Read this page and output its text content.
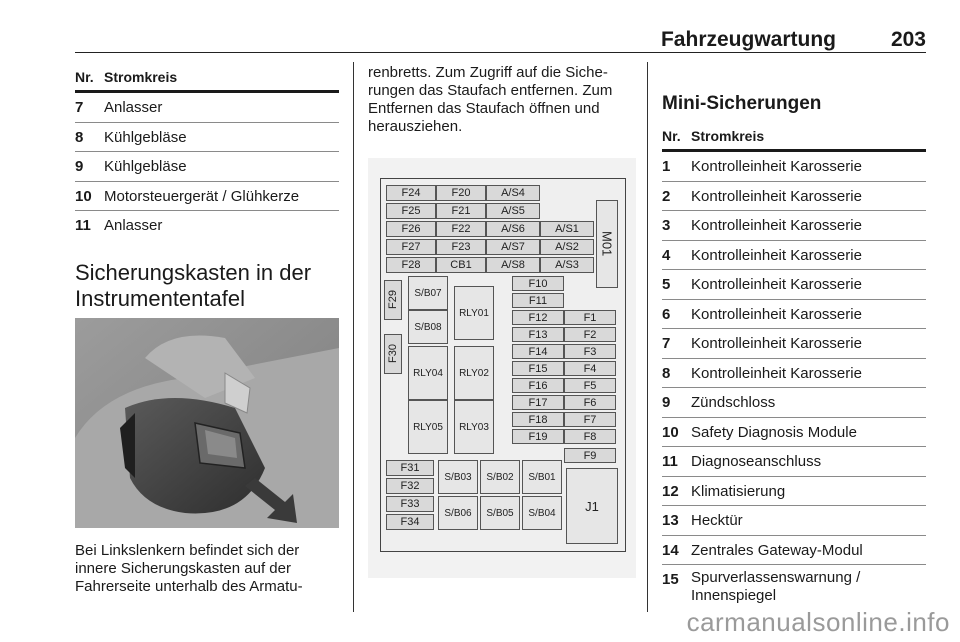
Fahrzeugwartung	203
Nr. Stromkreis
7 Anlasser
8 Kühlgebläse
9 Kühlgebläse
10 Motorsteuergerät / Glühkerze
11 Anlasser
Sicherungskasten in der Instrumententafel
Bei Linkslenkern befindet sich der innere Sicherungskasten auf der Fahrerseite unterhalb des Armatu-
renbretts. Zum Zugriff auf die Siche-rungen das Staufach entfernen. Zum Entfernen das Staufach öffnen und herausziehen.
F24	F20	A/S4
F25	F21	A/S5
F26	F22	A/S6	A/S1
F27	F23	A/S7	A/S2
F28	CB1	A/S8	A/S3
M01
F29
F30
S/B07
S/B08
RLY01
RLY04	RLY02
RLY05	RLY03
F10
F11
F12	F1
F13	F2
F14	F3
F15	F4
F16	F5
F17	F6
F18	F7
F19	F8
F9
F31
F32
F33
F34
S/B03	S/B02	S/B01
S/B06	S/B05	S/B04	J1
Mini-Sicherungen
Nr. Stromkreis
1 Kontrolleinheit Karosserie
2 Kontrolleinheit Karosserie
3 Kontrolleinheit Karosserie
4 Kontrolleinheit Karosserie
5 Kontrolleinheit Karosserie
6 Kontrolleinheit Karosserie
7 Kontrolleinheit Karosserie
8 Kontrolleinheit Karosserie
9 Zündschloss
10 Safety Diagnosis Module
11 Diagnoseanschluss
12 Klimatisierung
13 Hecktür
14 Zentrales Gateway-Modul
15 Spurverlassenswarnung / Innenspiegel
carmanualsonline.info
